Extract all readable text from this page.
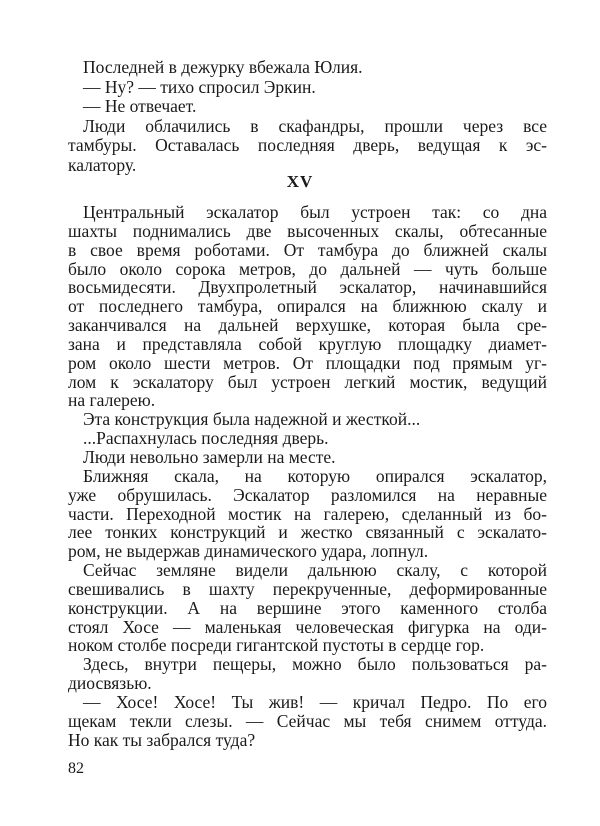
Последней в дежурку вбежала Юлия.
— Ну? — тихо спросил Эркин.
— Не отвечает.
Люди облачились в скафандры, прошли через все
тамбуры. Оставалась последняя дверь, ведущая к эс-
калатору.
XV
Центральный эскалатор был устроен так: со дна
шахты поднимались две высоченных скалы, обтесанные
в свое время роботами. От тамбура до ближней скалы
было около сорока метров, до дальней — чуть больше
восьмидесяти. Двухпролетный эскалатор, начинавшийся
от последнего тамбура, опирался на ближнюю скалу и
заканчивался на дальней верхушке, которая была сре-
зана и представляла собой круглую площадку диамет-
ром около шести метров. От площадки под прямым уг-
лом к эскалатору был устроен легкий мостик, ведущий
на галерею.
Эта конструкция была надежной и жесткой...
...Распахнулась последняя дверь.
Люди невольно замерли на месте.
Ближняя скала, на которую опирался эскалатор,
уже обрушилась. Эскалатор разломился на неравные
части. Переходной мостик на галерею, сделанный из бо-
лее тонких конструкций и жестко связанный с эскалато-
ром, не выдержав динамического удара, лопнул.
Сейчас земляне видели дальнюю скалу, с которой
свешивались в шахту перекрученные, деформированные
конструкции. А на вершине этого каменного столба
стоял Хосе — маленькая человеческая фигурка на оди-
ноком столбе посреди гигантской пустоты в сердце гор.
Здесь, внутри пещеры, можно было пользоваться ра-
диосвязью.
— Хосе! Хосе! Ты жив! — кричал Педро. По его
щекам текли слезы. — Сейчас мы тебя снимем оттуда.
Но как ты забрался туда?
82
